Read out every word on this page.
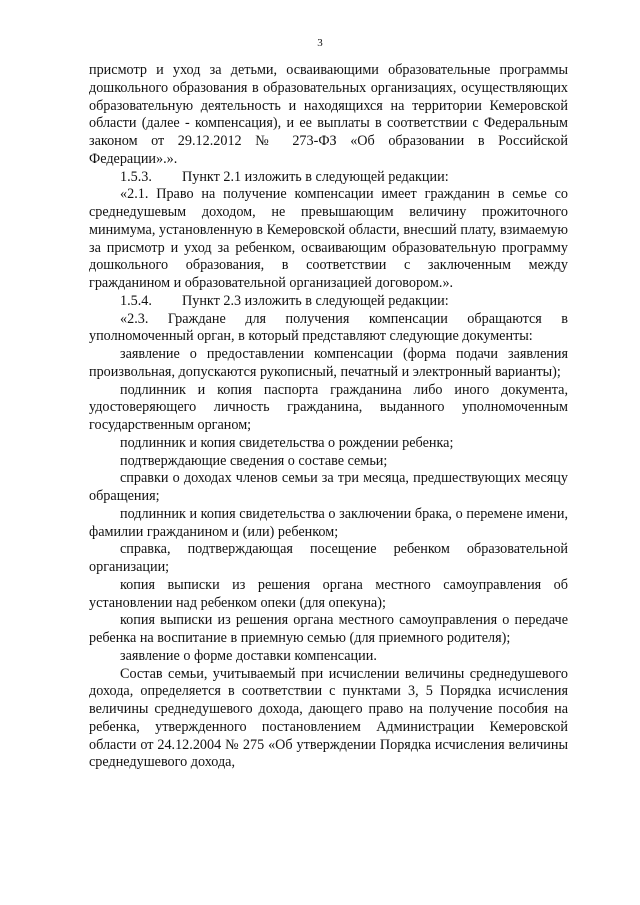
3

присмотр и уход за детьми, осваивающими образовательные программы дошкольного образования в образовательных организациях, осуществляющих образовательную деятельность и находящихся на территории Кемеровской области (далее - компенсация), и ее выплаты в соответствии с Федеральным законом от 29.12.2012 № 273-ФЗ «Об образовании в Российской Федерации».».

1.5.3. Пункт 2.1 изложить в следующей редакции:

«2.1. Право на получение компенсации имеет гражданин в семье со среднедушевым доходом, не превышающим величину прожиточного минимума, установленную в Кемеровской области, внесший плату, взимаемую за присмотр и уход за ребенком, осваивающим образовательную программу дошкольного образования, в соответствии с заключенным между гражданином и образовательной организацией договором.».

1.5.4. Пункт 2.3 изложить в следующей редакции:

«2.3. Граждане для получения компенсации обращаются в уполномоченный орган, в который представляют следующие документы:

заявление о предоставлении компенсации (форма подачи заявления произвольная, допускаются рукописный, печатный и электронный варианты);

подлинник и копия паспорта гражданина либо иного документа, удостоверяющего личность гражданина, выданного уполномоченным государственным органом;

подлинник и копия свидетельства о рождении ребенка;

подтверждающие сведения о составе семьи;

справки о доходах членов семьи за три месяца, предшествующих месяцу обращения;

подлинник и копия свидетельства о заключении брака, о перемене имени, фамилии гражданином и (или) ребенком;

справка, подтверждающая посещение ребенком образовательной организации;

копия выписки из решения органа местного самоуправления об установлении над ребенком опеки (для опекуна);

копия выписки из решения органа местного самоуправления о передаче ребенка на воспитание в приемную семью (для приемного родителя);

заявление о форме доставки компенсации.

Состав семьи, учитываемый при исчислении величины среднедушевого дохода, определяется в соответствии с пунктами 3, 5 Порядка исчисления величины среднедушевого дохода, дающего право на получение пособия на ребенка, утвержденного постановлением Администрации Кемеровской области от 24.12.2004 № 275 «Об утверждении Порядка исчисления величины среднедушевого дохода,
